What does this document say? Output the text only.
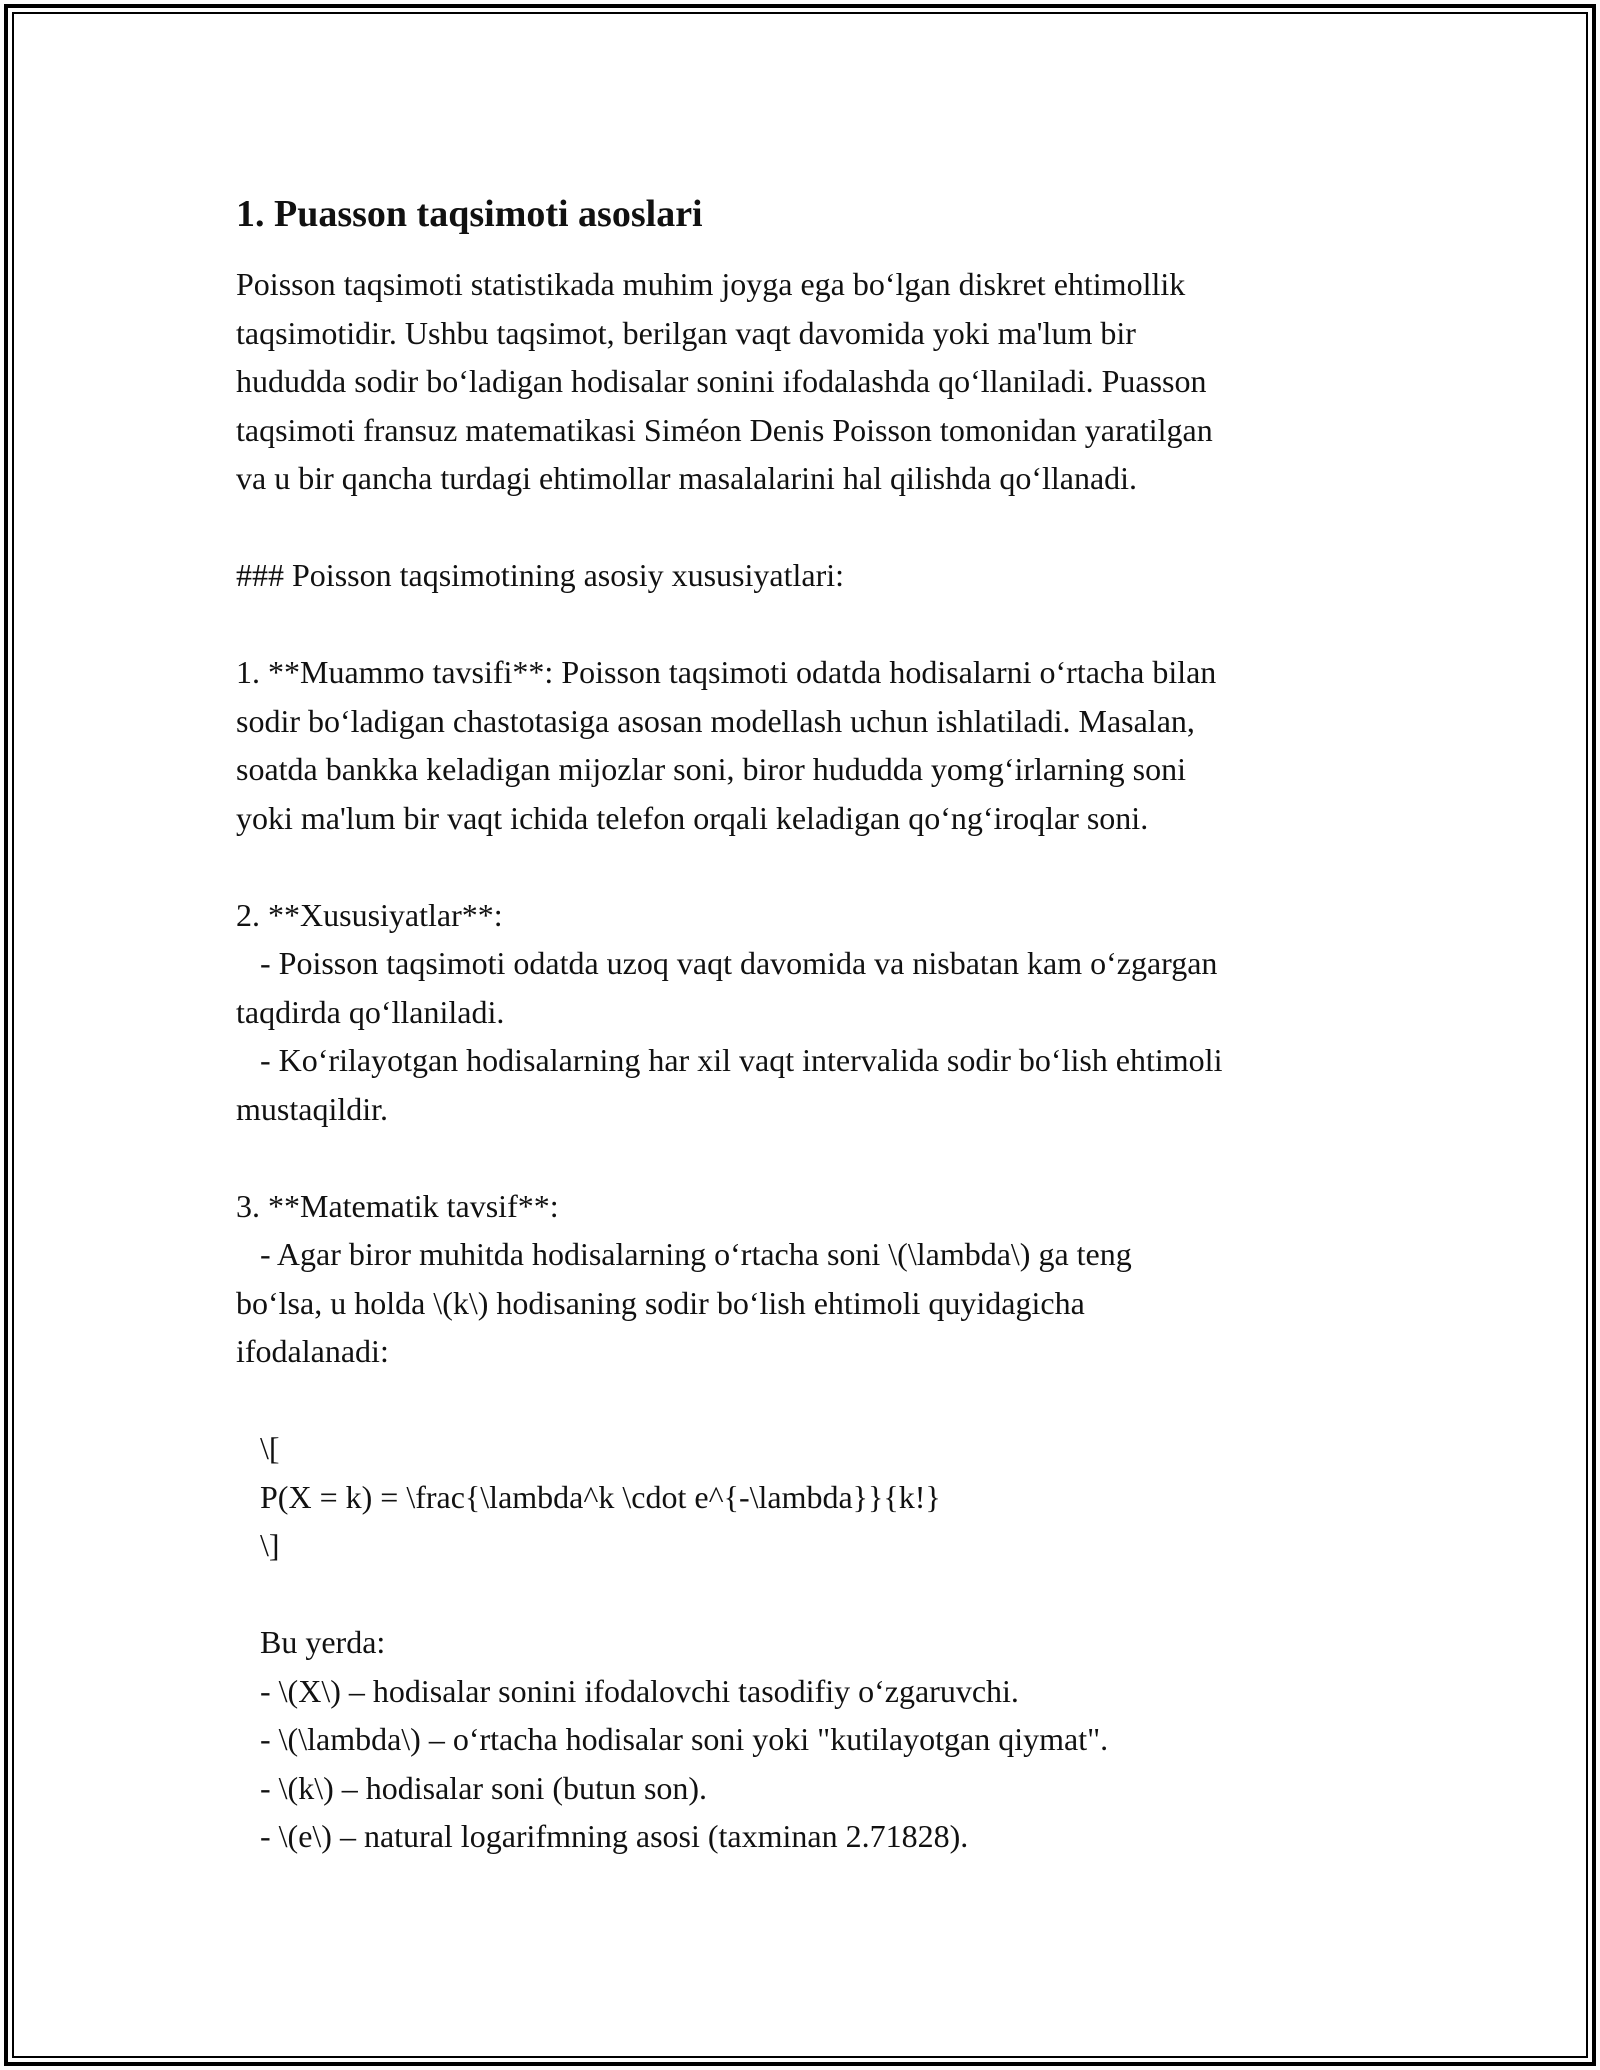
1. Puasson taqsimoti asoslari
Poisson taqsimoti statistikada muhim joyga ega boʻlgan diskret ehtimollik
taqsimotidir. Ushbu taqsimot, berilgan vaqt davomida yoki ma'lum bir
hududda sodir boʻladigan hodisalar sonini ifodalashda qoʻllaniladi. Puasson
taqsimoti fransuz matematikasi Siméon Denis Poisson tomonidan yaratilgan
va u bir qancha turdagi ehtimollar masalalarini hal qilishda qoʻllanadi.
### Poisson taqsimotining asosiy xususiyatlari:
1. **Muammo tavsifi**: Poisson taqsimoti odatda hodisalarni oʻrtacha bilan
sodir boʻladigan chastotasiga asosan modellash uchun ishlatiladi. Masalan,
soatda bankka keladigan mijozlar soni, biror hududda yomgʻirlarning soni
yoki ma'lum bir vaqt ichida telefon orqali keladigan qoʻngʻiroqlar soni.
2. **Xususiyatlar**:
- Poisson taqsimoti odatda uzoq vaqt davomida va nisbatan kam oʻzgargan
taqdirda qoʻllaniladi.
- Koʻrilayotgan hodisalarning har xil vaqt intervalida sodir boʻlish ehtimoli
mustaqildir.
3. **Matematik tavsif**:
- Agar biror muhitda hodisalarning oʻrtacha soni \(\lambda\) ga teng
boʻlsa, u holda \(k\) hodisaning sodir boʻlish ehtimoli quyidagicha
ifodalanadi:
\[
P(X = k) = \frac{\lambda^k \cdot e^{-\lambda}}{k!}
\]
Bu yerda:
- \(X\) – hodisalar sonini ifodalovchi tasodifiy oʻzgaruvchi.
- \(\lambda\) – oʻrtacha hodisalar soni yoki "kutilayotgan qiymat".
- \(k\) – hodisalar soni (butun son).
- \(e\) – natural logarifmning asosi (taxminan 2.71828).
